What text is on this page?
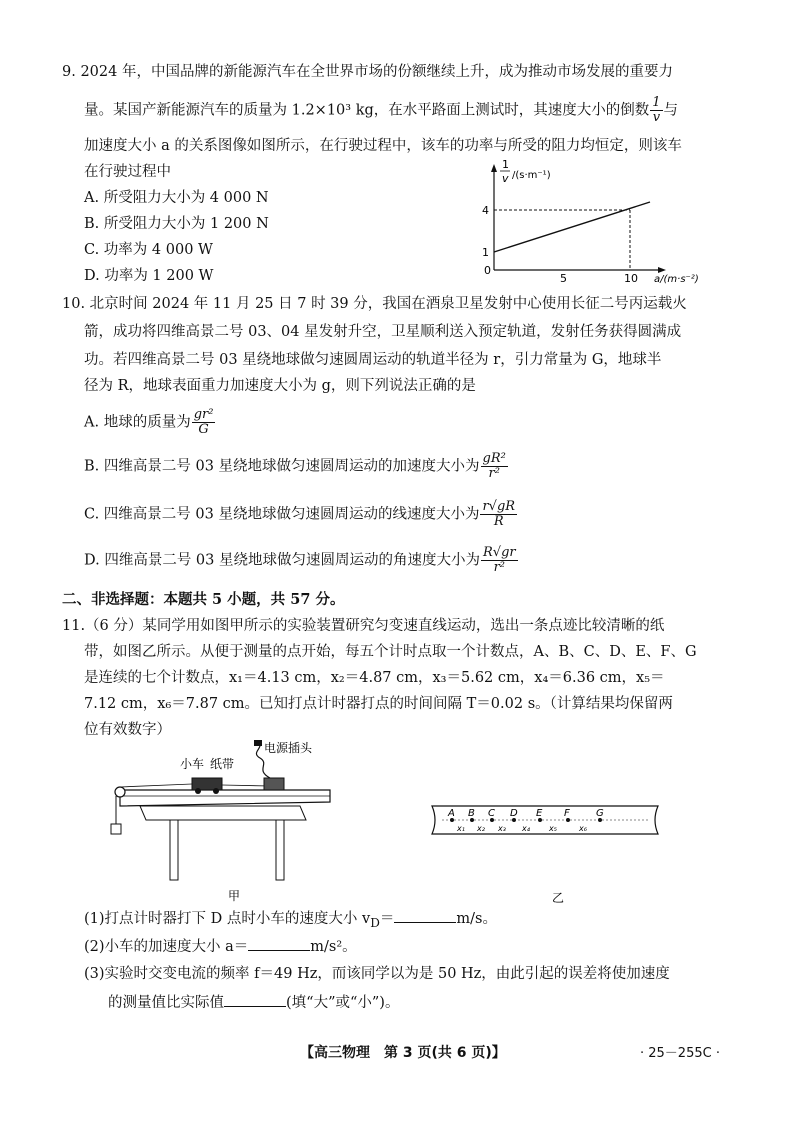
9. 2024 年，中国品牌的新能源汽车在全世界市场的份额继续上升，成为推动市场发展的重要力
量。某国产新能源汽车的质量为 1.2×10³ kg，在水平路面上测试时，其速度大小的倒数 $\frac{1}{v}$ 与
加速度大小 a 的关系图像如图所示，在行驶过程中，该车的功率与所受的阻力均恒定，则该车
在行驶过程中
A. 所受阻力大小为 4 000 N
B. 所受阻力大小为 1 200 N
C. 功率为 4 000 W
D. 功率为 1 200 W
1
v /(s·m⁻¹)
4
1
0
5	10 a/(m·s⁻²)
10. 北京时间 2024 年 11 月 25 日 7 时 39 分，我国在酒泉卫星发射中心使用长征二号丙运载火
箭，成功将四维高景二号 03、04 星发射升空，卫星顺利送入预定轨道，发射任务获得圆满成
功。若四维高景二号 03 星绕地球做匀速圆周运动的轨道半径为 r，引力常量为 G，地球半
径为 R，地球表面重力加速度大小为 g，则下列说法正确的是
A. 地球的质量为 $\frac{\text{gr²}}{G}$
B. 四维高景二号 03 星绕地球做匀速圆周运动的加速度大小为 $\frac{\text{gR²}}{\text{r²}}$
C. 四维高景二号 03 星绕地球做匀速圆周运动的线速度大小为 $\frac{r√gR}{R}$
D. 四维高景二号 03 星绕地球做匀速圆周运动的角速度大小为 $\frac{R√gr}{\text{r²}}$
二、非选择题：本题共 5 小题，共 57 分。
11.（6 分）某同学用如图甲所示的实验装置研究匀变速直线运动，选出一条点迹比较清晰的纸
带，如图乙所示。从便于测量的点开始，每五个计时点取一个计数点，A、B、C、D、E、F、G
是连续的七个计数点，x₁＝4.13 cm，x₂＝4.87 cm，x₃＝5.62 cm，x₄＝6.36 cm，x₅＝
7.12 cm，x₆＝7.87 cm。已知打点计时器打点的时间间隔 T＝0.02 s。（计算结果均保留两
位有效数字）
小车 纸带
电源插头
甲
A B C D E F	G
x₁ x₂ x₃ x₄ x₅	x₆
乙
(1)打点计时器打下 D 点时小车的速度大小 $v_D=$	m/s。
(2)小车的加速度大小 a＝	m/s²。
(3)实验时交变电流的频率 f＝49 Hz，而该同学以为是 50 Hz，由此引起的误差将使加速度
的测量值比实际值	(填“大”或“小”)。
【高三物理　第 3 页(共 6 页)】	· 25－255C ·
